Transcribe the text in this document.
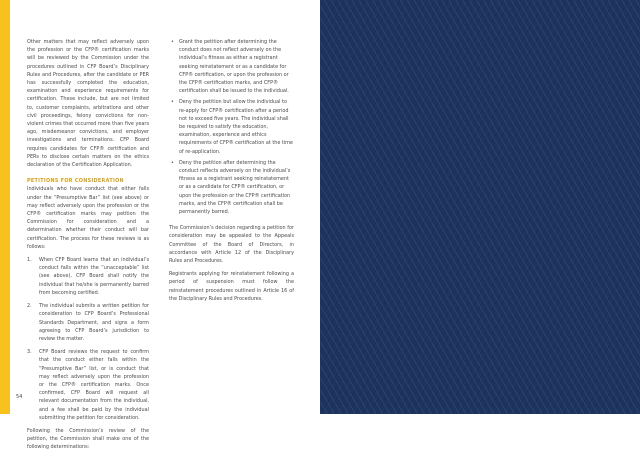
Other matters that may reflect adversely upon the profession or the CFP® certification marks will be reviewed by the Commission under the procedures outlined in CFP Board’s Disciplinary Rules and Procedures, after the candidate or PER has successfully completed the education, examination and experience requirements for certification. These include, but are not limited to, customer complaints, arbitrations and other civil proceedings, felony convictions for non-violent crimes that occurred more than five years ago, misdemeanor convictions, and employer investigations and terminations. CFP Board requires candidates for CFP® certification and PERs to disclose certain matters on the ethics declaration of the Certification Application.

PETITIONS FOR CONSIDERATION

Individuals who have conduct that either falls under the “Presumptive Bar” list (see above) or may reflect adversely upon the profession or the CFP® certification marks may petition the Commission for consideration and a determination whether their conduct will bar certification. The process for these reviews is as follows:

1. When CFP Board learns that an individual’s conduct falls within the “unacceptable” list (see above), CFP Board shall notify the individual that he/she is permanently barred from becoming certified.
2. The individual submits a written petition for consideration to CFP Board’s Professional Standards Department, and signs a form agreeing to CFP Board’s jurisdiction to review the matter.
3. CFP Board reviews the request to confirm that the conduct either falls within the “Presumptive Bar” list, or is conduct that may reflect adversely upon the profession or the CFP® certification marks. Once confirmed, CFP Board will request all relevant documentation from the individual, and a fee shall be paid by the individual submitting the petition for consideration.

Following the Commission’s review of the petition, the Commission shall make one of the following determinations:

• Grant the petition after determining the conduct does not reflect adversely on the individual’s fitness as either a registrant seeking reinstatement or as a candidate for CFP® certification, or upon the profession or the CFP® certification marks, and CFP® certification shall be issued to the individual.
• Deny the petition but allow the individual to re-apply for CFP® certification after a period not to exceed five years. The individual shall be required to satisfy the education, examination, experience and ethics requirements of CFP® certification at the time of re-application.
• Deny the petition after determining the conduct reflects adversely on the individual’s fitness as a registrant seeking reinstatement or as a candidate for CFP® certification, or upon the profession or the CFP® certification marks, and the CFP® certification shall be permanently barred.

The Commission’s decision regarding a petition for consideration may be appealed to the Appeals Committee of the Board of Directors, in accordance with Article 12 of the Disciplinary Rules and Procedures.

Registrants applying for reinstatement following a period of suspension must follow the reinstatement procedures outlined in Article 16 of the Disciplinary Rules and Procedures.

54
